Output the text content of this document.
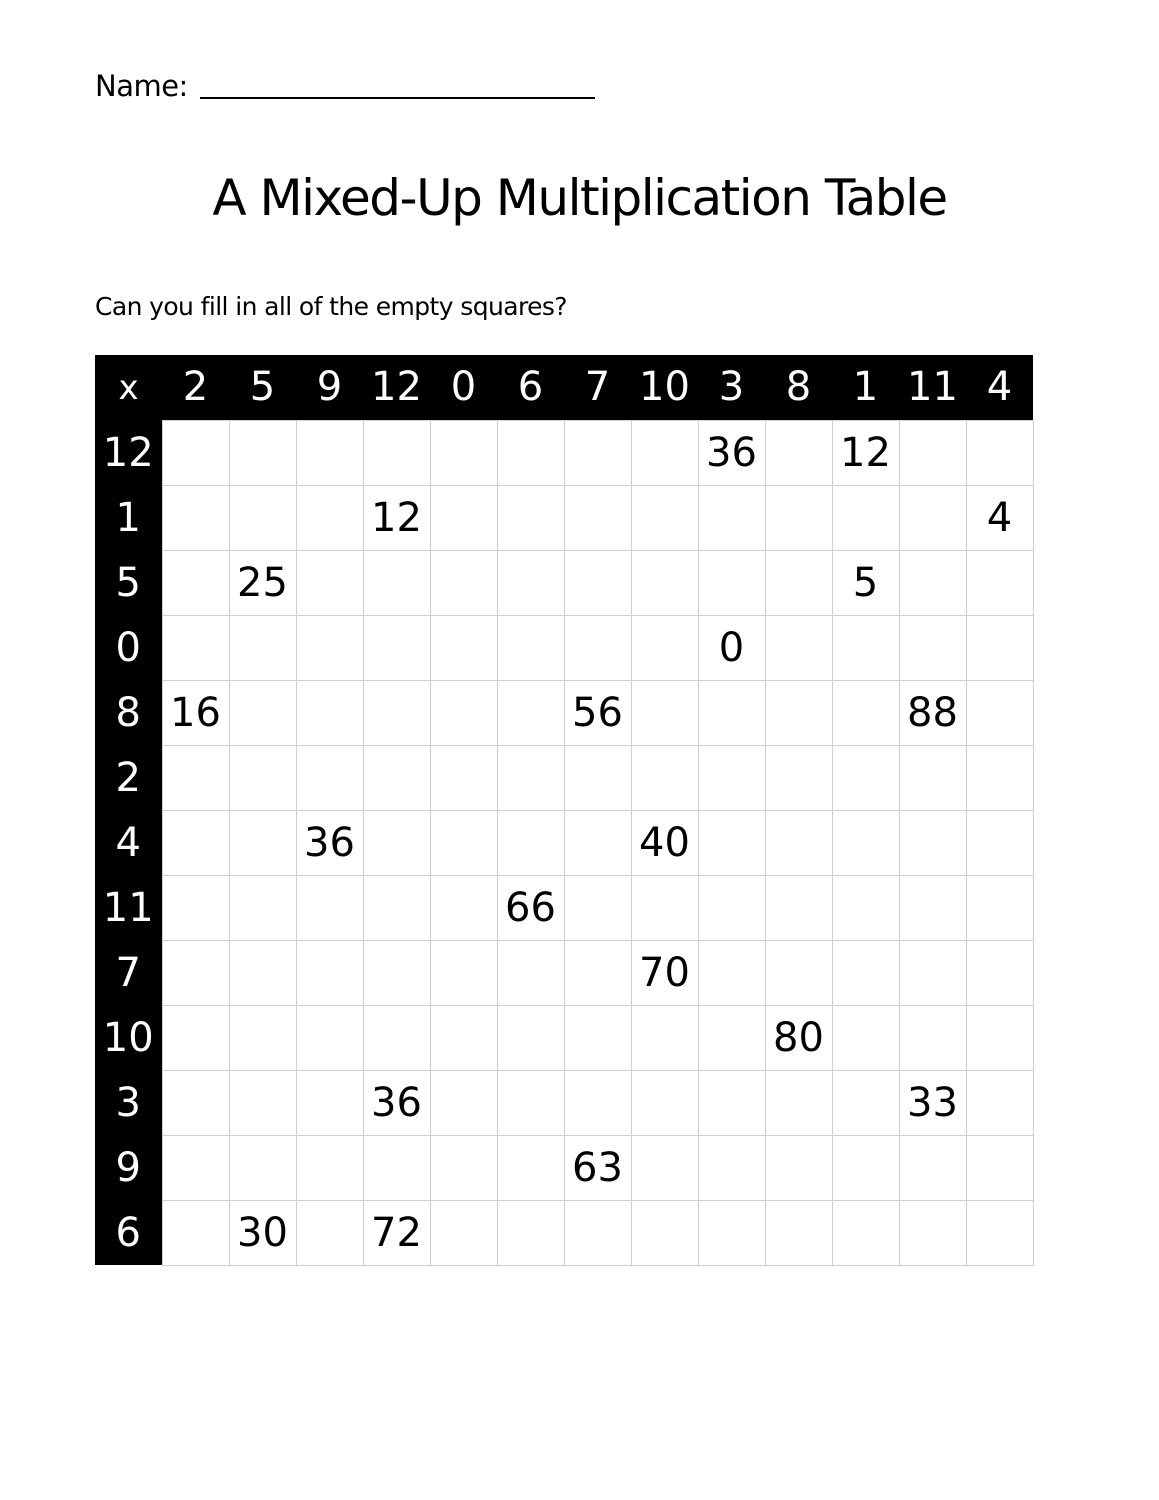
Name:
A Mixed-Up Multiplication Table
Can you fill in all of the empty squares?
x	2	5	9	12	0	6	7	10	3	8	1	11	4
12									36		12		
1				12									4
5		25									5		
0									0				
8	16						56					88	
2													
4			36					40					
11						66							
7								70					
10										80			
3				36								33	
9							63						
6		30		72									
